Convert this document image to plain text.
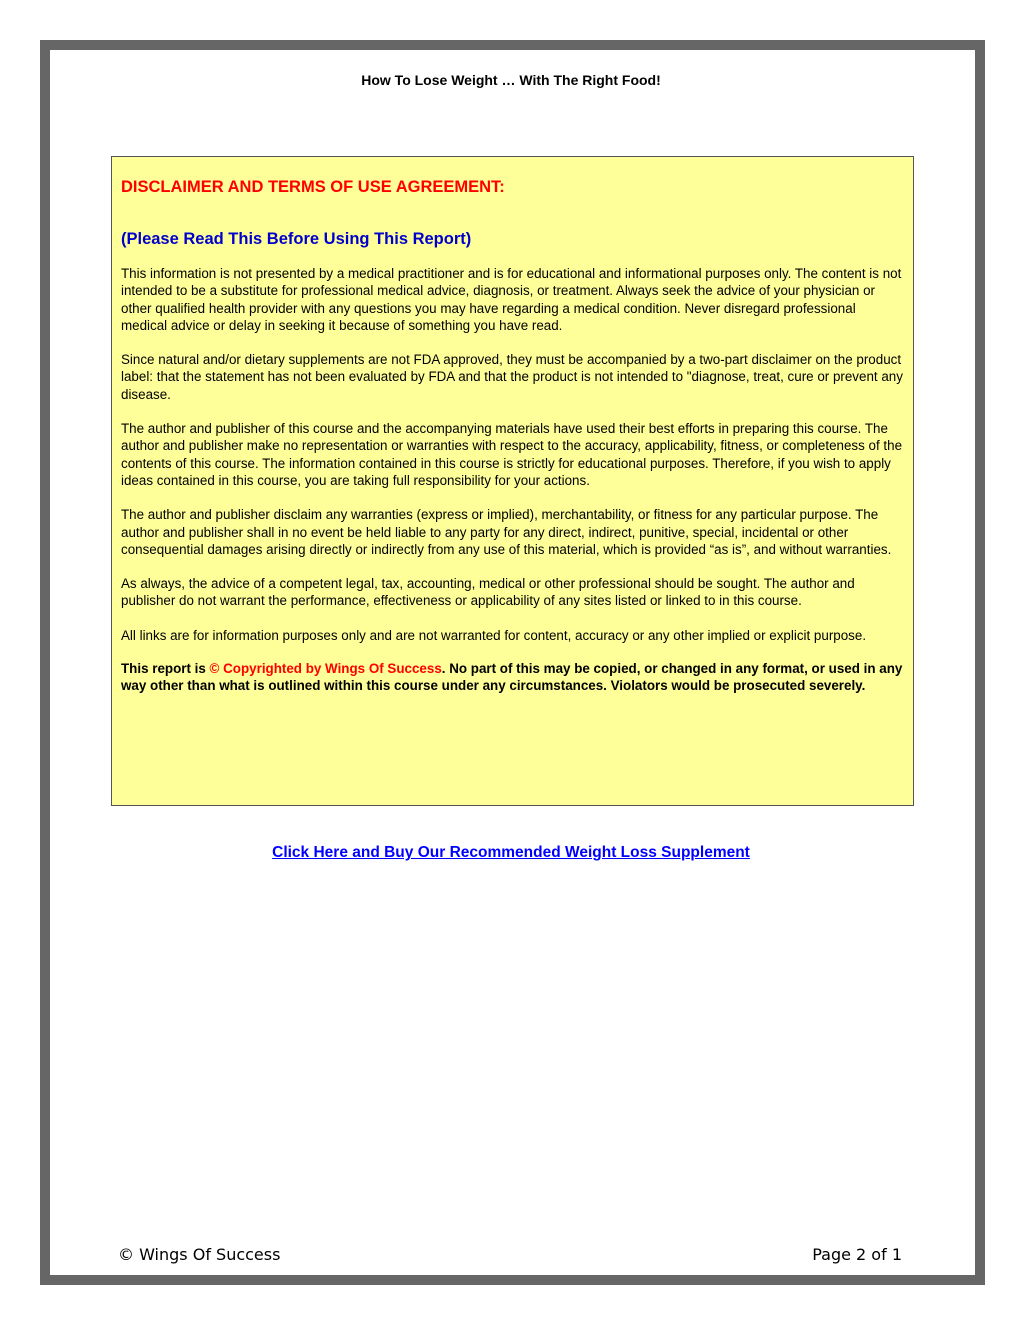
How To Lose Weight … With The Right Food!
DISCLAIMER AND TERMS OF USE AGREEMENT:
(Please Read This Before Using This Report)

This information is not presented by a medical practitioner and is for educational and informational purposes only. The content is not intended to be a substitute for professional medical advice, diagnosis, or treatment. Always seek the advice of your physician or other qualified health provider with any questions you may have regarding a medical condition. Never disregard professional medical advice or delay in seeking it because of something you have read.

Since natural and/or dietary supplements are not FDA approved, they must be accompanied by a two-part disclaimer on the product label: that the statement has not been evaluated by FDA and that the product is not intended to "diagnose, treat, cure or prevent any disease.

The author and publisher of this course and the accompanying materials have used their best efforts in preparing this course. The author and publisher make no representation or warranties with respect to the accuracy, applicability, fitness, or completeness of the contents of this course. The information contained in this course is strictly for educational purposes. Therefore, if you wish to apply ideas contained in this course, you are taking full responsibility for your actions.

The author and publisher disclaim any warranties (express or implied), merchantability, or fitness for any particular purpose. The author and publisher shall in no event be held liable to any party for any direct, indirect, punitive, special, incidental or other consequential damages arising directly or indirectly from any use of this material, which is provided “as is”, and without warranties.

As always, the advice of a competent legal, tax, accounting, medical or other professional should be sought. The author and publisher do not warrant the performance, effectiveness or applicability of any sites listed or linked to in this course.

All links are for information purposes only and are not warranted for content, accuracy or any other implied or explicit purpose.

This report is © Copyrighted by Wings Of Success. No part of this may be copied, or changed in any format, or used in any way other than what is outlined within this course under any circumstances. Violators would be prosecuted severely.

Click Here and Buy Our Recommended Weight Loss Supplement
© Wings Of Success	Page 2 of 1
